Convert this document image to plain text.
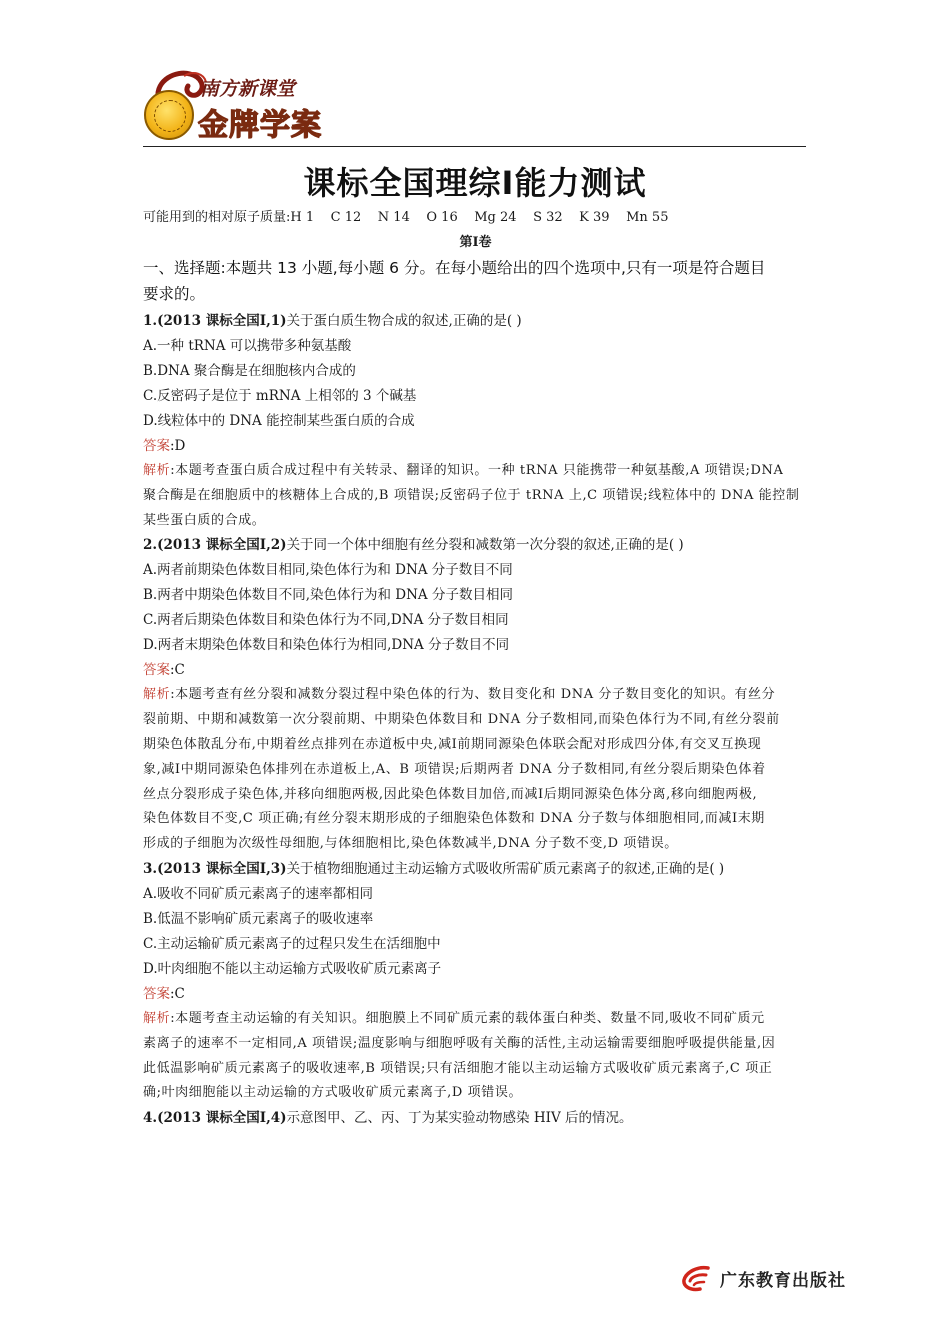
南方新课堂
金牌学案
课标全国理综Ⅰ能力测试
可能用到的相对原子质量:H 1    C 12    N 14    O 16    Mg 24    S 32    K 39    Mn 55
第Ⅰ卷
一、选择题:本题共 13 小题,每小题 6 分。在每小题给出的四个选项中,只有一项是符合题目
要求的。
1.(2013 课标全国Ⅰ,1)关于蛋白质生物合成的叙述,正确的是( )
A.一种 tRNA 可以携带多种氨基酸
B.DNA 聚合酶是在细胞核内合成的
C.反密码子是位于 mRNA 上相邻的 3 个碱基
D.线粒体中的 DNA 能控制某些蛋白质的合成
答案:D
解析:本题考查蛋白质合成过程中有关转录、翻译的知识。一种 tRNA 只能携带一种氨基酸,A 项错误;DNA
聚合酶是在细胞质中的核糖体上合成的,B 项错误;反密码子位于 tRNA 上,C 项错误;线粒体中的 DNA 能控制
某些蛋白质的合成。
2.(2013 课标全国Ⅰ,2)关于同一个体中细胞有丝分裂和减数第一次分裂的叙述,正确的是( )
A.两者前期染色体数目相同,染色体行为和 DNA 分子数目不同
B.两者中期染色体数目不同,染色体行为和 DNA 分子数目相同
C.两者后期染色体数目和染色体行为不同,DNA 分子数目相同
D.两者末期染色体数目和染色体行为相同,DNA 分子数目不同
答案:C
解析:本题考查有丝分裂和减数分裂过程中染色体的行为、数目变化和 DNA 分子数目变化的知识。有丝分
裂前期、中期和减数第一次分裂前期、中期染色体数目和 DNA 分子数相同,而染色体行为不同,有丝分裂前
期染色体散乱分布,中期着丝点排列在赤道板中央,减Ⅰ前期同源染色体联会配对形成四分体,有交叉互换现
象,减Ⅰ中期同源染色体排列在赤道板上,A、B 项错误;后期两者 DNA 分子数相同,有丝分裂后期染色体着
丝点分裂形成子染色体,并移向细胞两极,因此染色体数目加倍,而减Ⅰ后期同源染色体分离,移向细胞两极,
染色体数目不变,C 项正确;有丝分裂末期形成的子细胞染色体数和 DNA 分子数与体细胞相同,而减Ⅰ末期
形成的子细胞为次级性母细胞,与体细胞相比,染色体数减半,DNA 分子数不变,D 项错误。
3.(2013 课标全国Ⅰ,3)关于植物细胞通过主动运输方式吸收所需矿质元素离子的叙述,正确的是( )
A.吸收不同矿质元素离子的速率都相同
B.低温不影响矿质元素离子的吸收速率
C.主动运输矿质元素离子的过程只发生在活细胞中
D.叶肉细胞不能以主动运输方式吸收矿质元素离子
答案:C
解析:本题考查主动运输的有关知识。细胞膜上不同矿质元素的载体蛋白种类、数量不同,吸收不同矿质元
素离子的速率不一定相同,A 项错误;温度影响与细胞呼吸有关酶的活性,主动运输需要细胞呼吸提供能量,因
此低温影响矿质元素离子的吸收速率,B 项错误;只有活细胞才能以主动运输方式吸收矿质元素离子,C 项正
确;叶肉细胞能以主动运输的方式吸收矿质元素离子,D 项错误。
4.(2013 课标全国Ⅰ,4)示意图甲、乙、丙、丁为某实验动物感染 HIV 后的情况。
广东教育出版社
